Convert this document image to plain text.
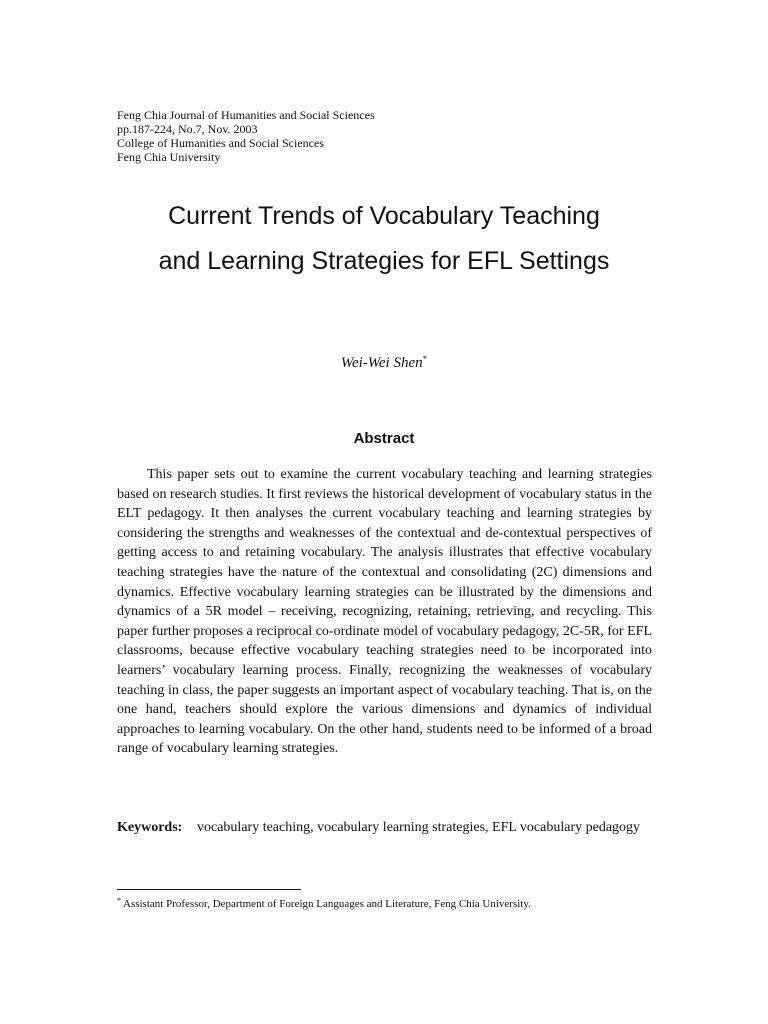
Feng Chia Journal of Humanities and Social Sciences
pp.187-224, No.7, Nov. 2003
College of Humanities and Social Sciences
Feng Chia University
Current Trends of Vocabulary Teaching
and Learning Strategies for EFL Settings
Wei-Wei Shen*
Abstract

This paper sets out to examine the current vocabulary teaching and learning strategies based on research studies. It first reviews the historical development of vocabulary status in the ELT pedagogy. It then analyses the current vocabulary teaching and learning strategies by considering the strengths and weaknesses of the contextual and de-contextual perspectives of getting access to and retaining vocabulary. The analysis illustrates that effective vocabulary teaching strategies have the nature of the contextual and consolidating (2C) dimensions and dynamics. Effective vocabulary learning strategies can be illustrated by the dimensions and dynamics of a 5R model – receiving, recognizing, retaining, retrieving, and recycling. This paper further proposes a reciprocal co-ordinate model of vocabulary pedagogy, 2C-5R, for EFL classrooms, because effective vocabulary teaching strategies need to be incorporated into learners’ vocabulary learning process. Finally, recognizing the weaknesses of vocabulary teaching in class, the paper suggests an important aspect of vocabulary teaching. That is, on the one hand, teachers should explore the various dimensions and dynamics of individual approaches to learning vocabulary. On the other hand, students need to be informed of a broad range of vocabulary learning strategies.

Keywords:	vocabulary teaching, vocabulary learning strategies, EFL vocabulary pedagogy
* Assistant Professor, Department of Foreign Languages and Literature, Feng Chia University.
